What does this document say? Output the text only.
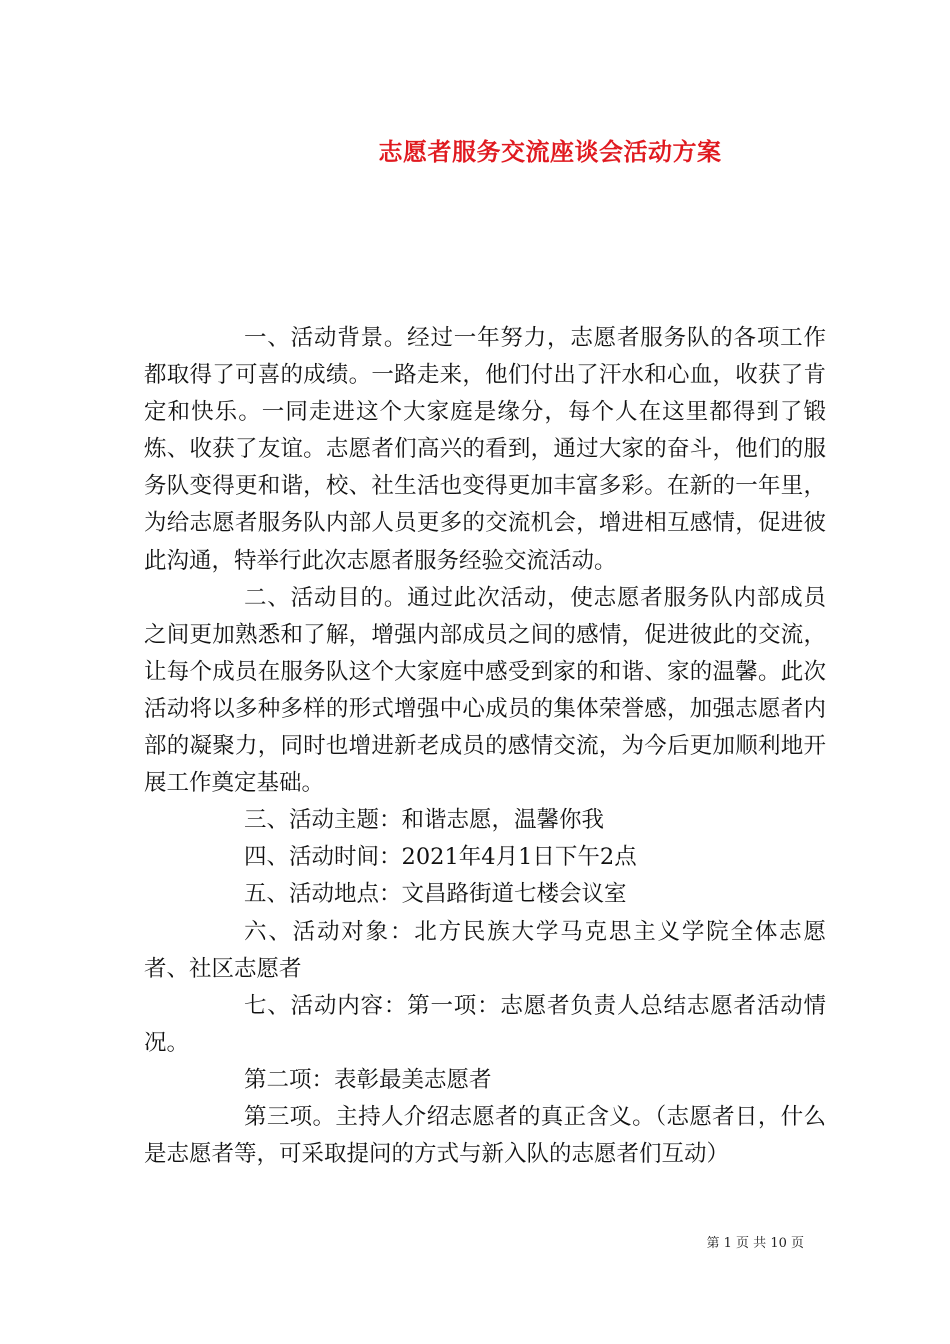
志愿者服务交流座谈会活动方案

一、活动背景。经过一年努力，志愿者服务队的各项工作都取得了可喜的成绩。一路走来，他们付出了汗水和心血，收获了肯定和快乐。一同走进这个大家庭是缘分，每个人在这里都得到了锻炼、收获了友谊。志愿者们高兴的看到，通过大家的奋斗，他们的服务队变得更和谐，校、社生活也变得更加丰富多彩。在新的一年里，为给志愿者服务队内部人员更多的交流机会，增进相互感情，促进彼此沟通，特举行此次志愿者服务经验交流活动。

二、活动目的。通过此次活动，使志愿者服务队内部成员之间更加熟悉和了解，增强内部成员之间的感情，促进彼此的交流，让每个成员在服务队这个大家庭中感受到家的和谐、家的温馨。此次活动将以多种多样的形式增强中心成员的集体荣誉感，加强志愿者内部的凝聚力，同时也增进新老成员的感情交流，为今后更加顺利地开展工作奠定基础。

三、活动主题：和谐志愿，温馨你我

四、活动时间：2021年4月1日下午2点

五、活动地点：文昌路街道七楼会议室

六、活动对象：北方民族大学马克思主义学院全体志愿者、社区志愿者

七、活动内容：第一项：志愿者负责人总结志愿者活动情况。

第二项：表彰最美志愿者

第三项。主持人介绍志愿者的真正含义。（志愿者日，什么是志愿者等，可采取提问的方式与新入队的志愿者们互动）

第 1 页 共 10 页
